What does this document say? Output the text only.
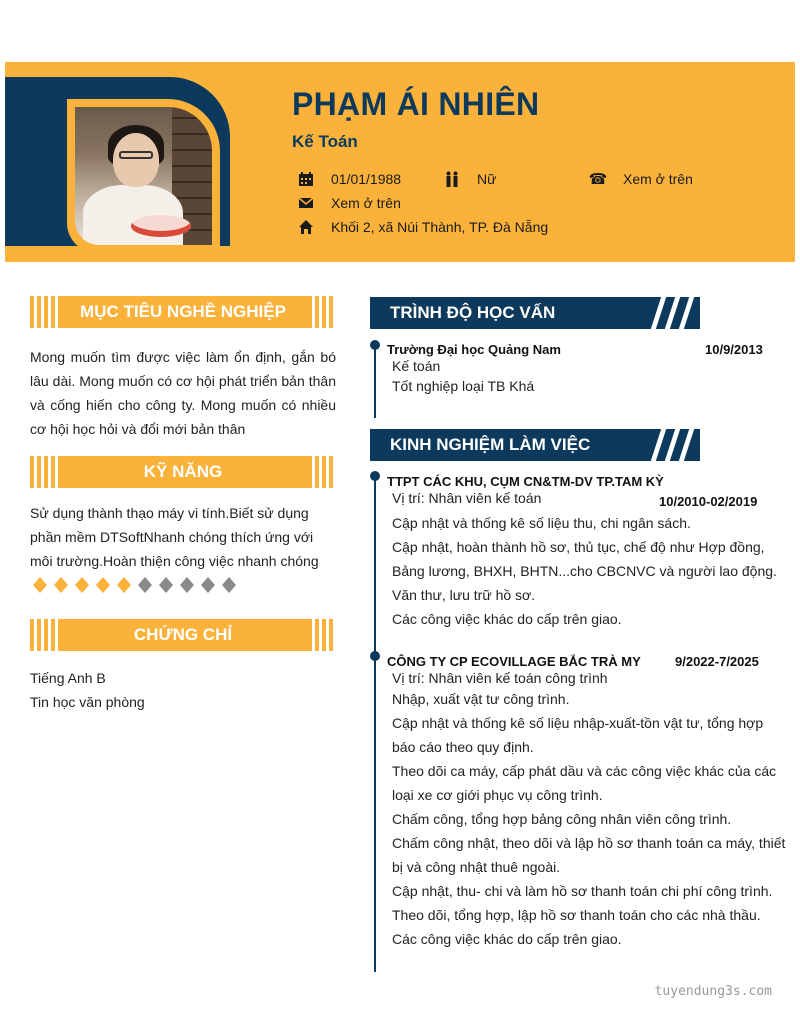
PHẠM ÁI NHIÊN
Kế Toán
01/01/1988	Nữ	☎ Xem ở trên
Xem ở trên
Khối 2, xã Núi Thành, TP. Đà Nẵng
MỤC TIÊU NGHỀ NGHIỆP
Mong muốn tìm được việc làm ổn định, gắn bó lâu dài. Mong muốn có cơ hội phát triển bản thân và cống hiến cho công ty. Mong muốn có nhiều cơ hội học hỏi và đổi mới bản thân
KỸ NĂNG
Sử dụng thành thạo máy vi tính.Biết sử dụng phần mềm DTSoftNhanh chóng thích ứng với môi trường.Hoàn thiện công việc nhanh chóng
CHỨNG CHỈ
Tiếng Anh B
Tin học văn phòng
TRÌNH ĐỘ HỌC VẤN
Trường Đại học Quảng Nam	10/9/2013
Kế toán
Tốt nghiệp loại TB Khá
KINH NGHIỆM LÀM VIỆC
TTPT CÁC KHU, CỤM CN&TM-DV TP.TAM KỲ
Vị trí: Nhân viên kế toán	10/2010-02/2019
Cập nhật và thống kê số liệu thu, chi ngân sách.
Cập nhật, hoàn thành hồ sơ, thủ tục, chế độ như Hợp đồng, Bảng lương, BHXH, BHTN...cho CBCNVC và người lao động.
Văn thư, lưu trữ hồ sơ.
Các công việc khác do cấp trên giao.
CÔNG TY CP ECOVILLAGE BẮC TRÀ MY	9/2022-7/2025
Vị trí: Nhân viên kế toán công trình
Nhập, xuất vật tư công trình.
Cập nhật và thống kê số liệu nhập-xuất-tồn vật tư, tổng hợp báo cáo theo quy định.
Theo dõi ca máy, cấp phát dầu và các công việc khác của các loại xe cơ giới phục vụ công trình.
Chấm công, tổng hợp bảng công nhân viên công trình.
Chấm công nhật, theo dõi và lập hồ sơ thanh toán ca máy, thiết bị và công nhật thuê ngoài.
Cập nhật, thu- chi và làm hồ sơ thanh toán chi phí công trình.
Theo dõi, tổng hợp, lập hồ sơ thanh toán cho các nhà thầu.
Các công việc khác do cấp trên giao.
tuyendung3s.com
